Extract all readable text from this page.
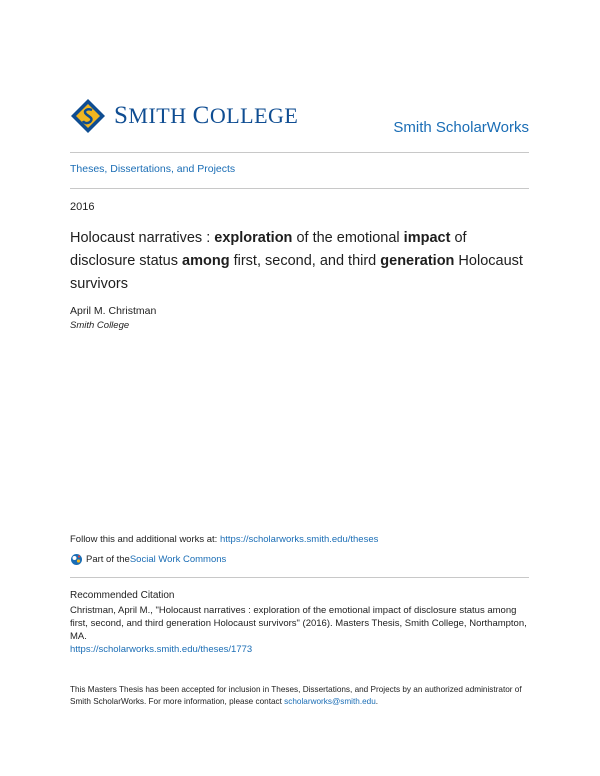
SMITH COLLEGE	Smith ScholarWorks
Theses, Dissertations, and Projects
2016
Holocaust narratives : exploration of the emotional impact of disclosure status among first, second, and third generation Holocaust survivors
April M. Christman
Smith College
Follow this and additional works at: https://scholarworks.smith.edu/theses
Part of the Social Work Commons
Recommended Citation
Christman, April M., "Holocaust narratives : exploration of the emotional impact of disclosure status among first, second, and third generation Holocaust survivors" (2016). Masters Thesis, Smith College, Northampton, MA.
https://scholarworks.smith.edu/theses/1773
This Masters Thesis has been accepted for inclusion in Theses, Dissertations, and Projects by an authorized administrator of Smith ScholarWorks. For more information, please contact scholarworks@smith.edu.
